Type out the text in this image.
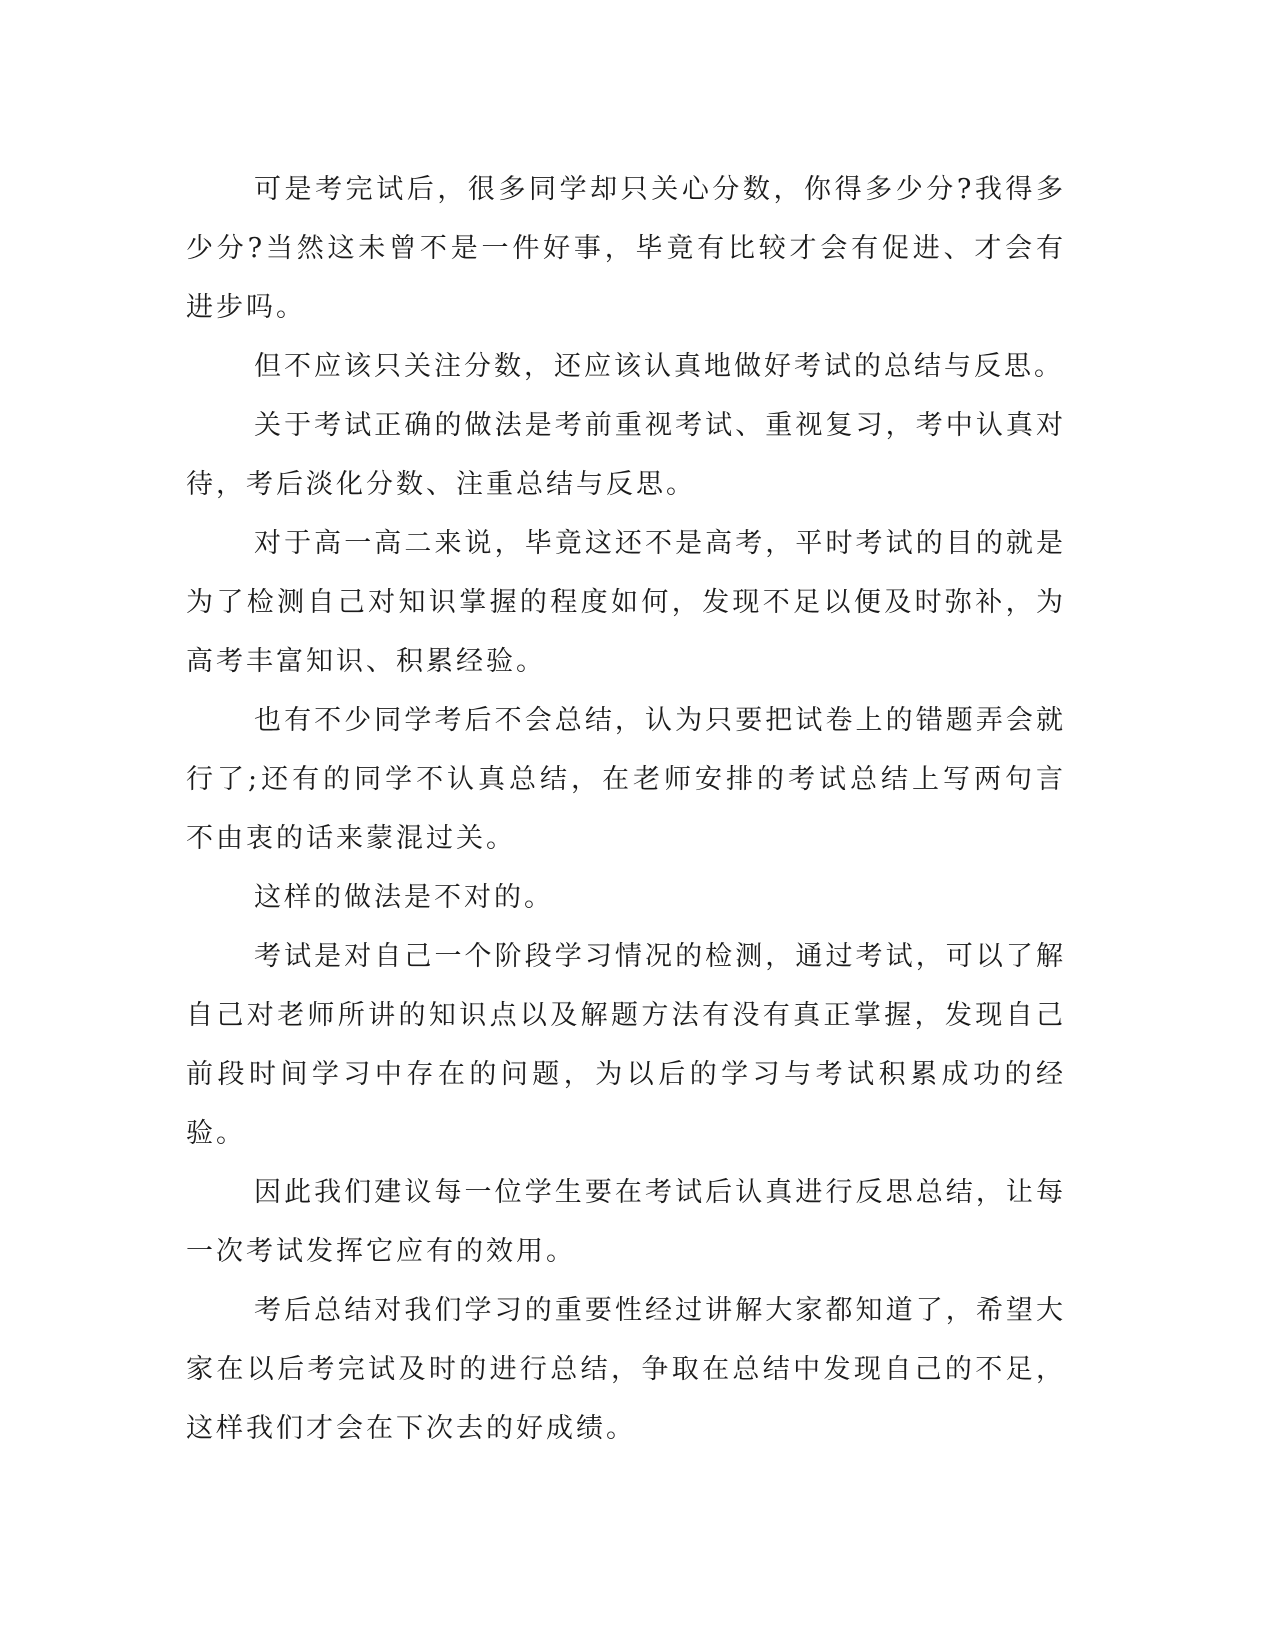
可是考完试后，很多同学却只关心分数，你得多少分?我得多少分?当然这未曾不是一件好事，毕竟有比较才会有促进、才会有进步吗。

但不应该只关注分数，还应该认真地做好考试的总结与反思。

关于考试正确的做法是考前重视考试、重视复习，考中认真对待，考后淡化分数、注重总结与反思。

对于高一高二来说，毕竟这还不是高考，平时考试的目的就是为了检测自己对知识掌握的程度如何，发现不足以便及时弥补，为高考丰富知识、积累经验。

也有不少同学考后不会总结，认为只要把试卷上的错题弄会就行了;还有的同学不认真总结，在老师安排的考试总结上写两句言不由衷的话来蒙混过关。

这样的做法是不对的。

考试是对自己一个阶段学习情况的检测，通过考试，可以了解自己对老师所讲的知识点以及解题方法有没有真正掌握，发现自己前段时间学习中存在的问题，为以后的学习与考试积累成功的经验。

因此我们建议每一位学生要在考试后认真进行反思总结，让每一次考试发挥它应有的效用。

考后总结对我们学习的重要性经过讲解大家都知道了，希望大家在以后考完试及时的进行总结，争取在总结中发现自己的不足，这样我们才会在下次去的好成绩。
